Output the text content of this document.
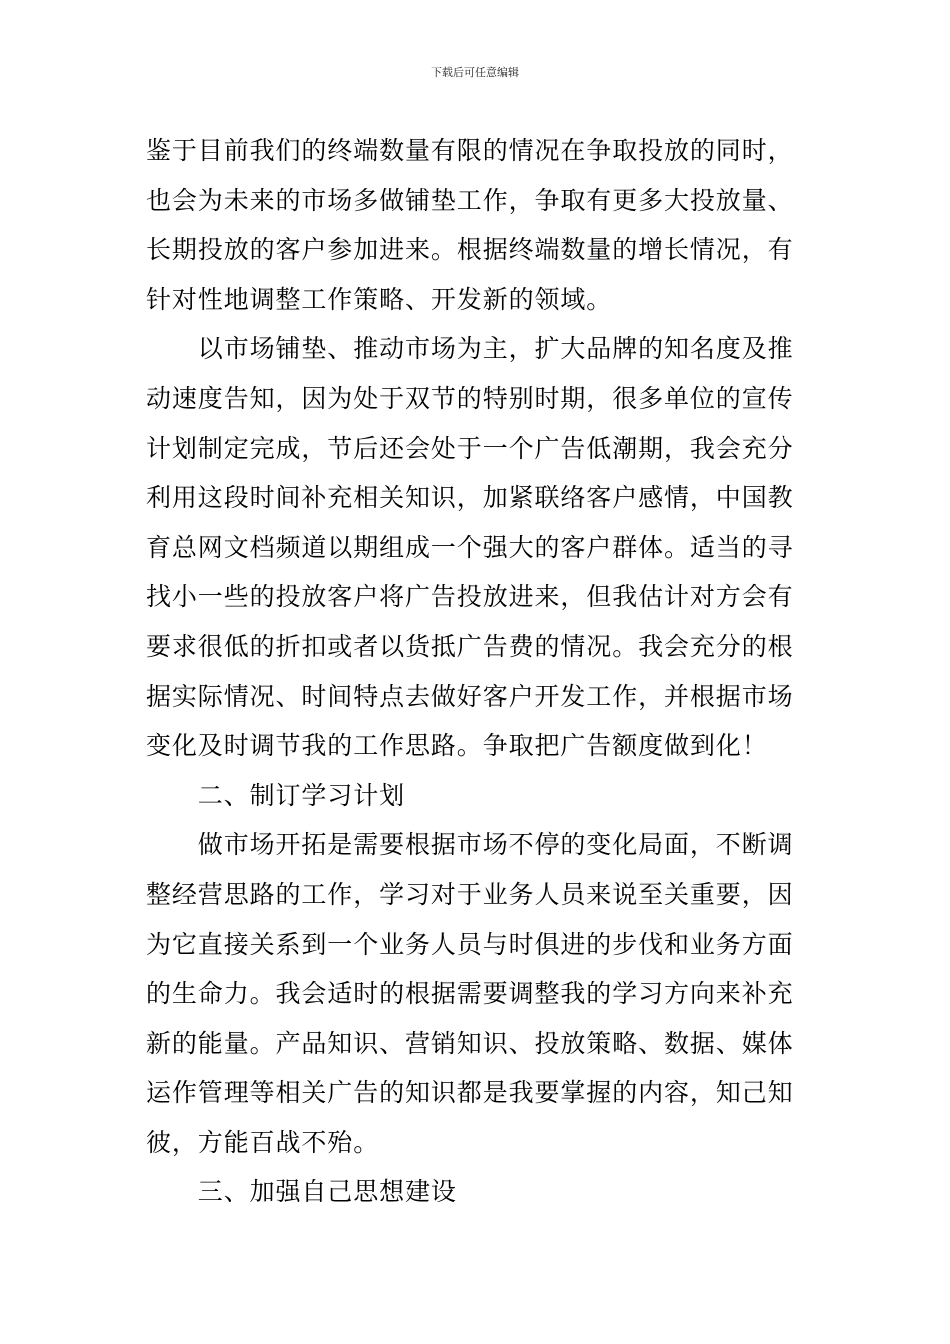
下载后可任意编辑
鉴于目前我们的终端数量有限的情况在争取投放的同时，
也会为未来的市场多做铺垫工作，争取有更多大投放量、
长期投放的客户参加进来。根据终端数量的增长情况，有
针对性地调整工作策略、开发新的领域。
　　以市场铺垫、推动市场为主，扩大品牌的知名度及推
动速度告知，因为处于双节的特别时期，很多单位的宣传
计划制定完成，节后还会处于一个广告低潮期，我会充分
利用这段时间补充相关知识，加紧联络客户感情，中国教
育总网文档频道以期组成一个强大的客户群体。适当的寻
找小一些的投放客户将广告投放进来，但我估计对方会有
要求很低的折扣或者以货抵广告费的情况。我会充分的根
据实际情况、时间特点去做好客户开发工作，并根据市场
变化及时调节我的工作思路。争取把广告额度做到化！
　　二、制订学习计划
　　做市场开拓是需要根据市场不停的变化局面，不断调
整经营思路的工作，学习对于业务人员来说至关重要，因
为它直接关系到一个业务人员与时俱进的步伐和业务方面
的生命力。我会适时的根据需要调整我的学习方向来补充
新的能量。产品知识、营销知识、投放策略、数据、媒体
运作管理等相关广告的知识都是我要掌握的内容，知己知
彼，方能百战不殆。
　　三、加强自己思想建设
